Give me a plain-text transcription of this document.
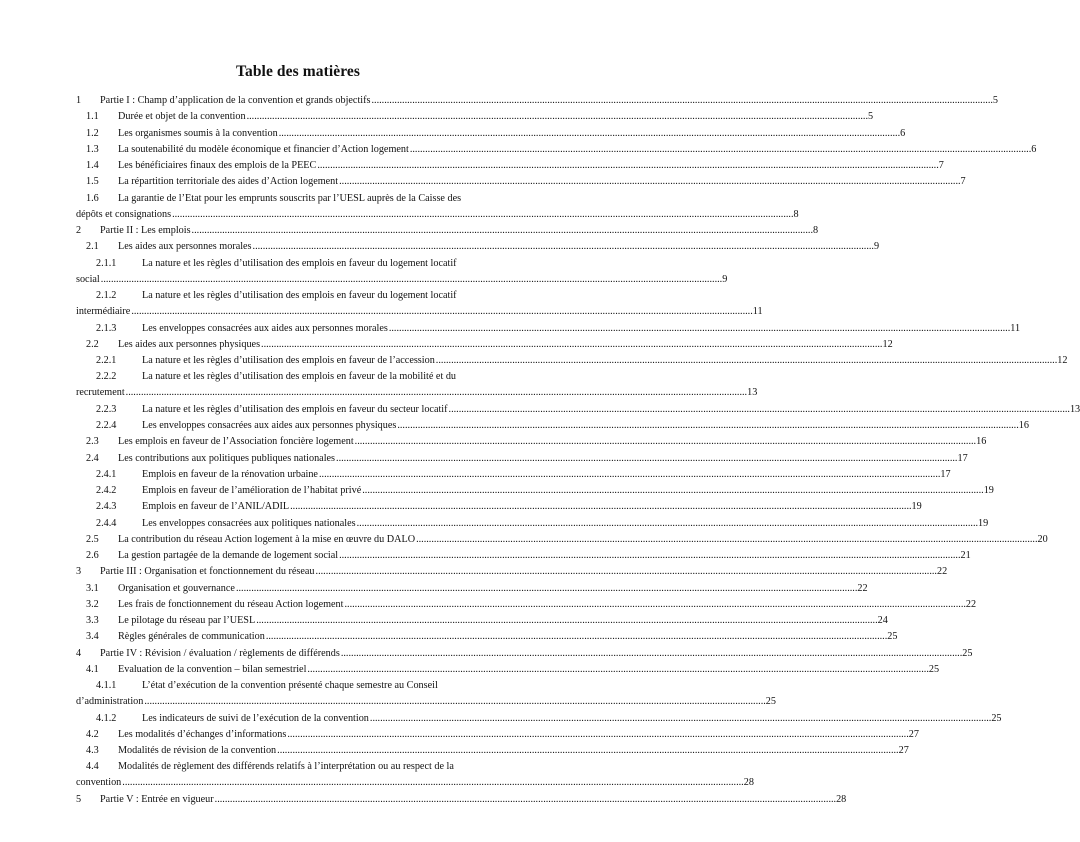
Table des matières
1	Partie I : Champ d’application de la convention et grands objectifs .....	5
1.1	Durée et objet de la convention .....	5
1.2	Les organismes soumis à la convention .....	6
1.3	La soutenabilité du modèle économique et financier d’Action logement .....	6
1.4	Les bénéficiaires finaux des emplois de la PEEC .....	7
1.5	La répartition territoriale des aides d’Action logement .....	7
1.6 La garantie de l’Etat pour les emprunts souscrits par l’UESL auprès de la Caisse des
dépôts et consignations .....	8
2	Partie II : Les emplois .....	8
2.1	Les aides aux personnes morales .....	9
2.1.1	La nature et les règles d’utilisation des emplois en faveur du logement locatif
social .....	9
2.1.2	La nature et les règles d’utilisation des emplois en faveur du logement locatif
intermédiaire .....	11
2.1.3	Les enveloppes consacrées aux aides aux personnes morales .....	11
2.2	Les aides aux personnes physiques .....	12
2.2.1	La nature et les règles d’utilisation des emplois en faveur de l’accession .....	12
2.2.2	La nature et les règles d’utilisation des emplois en faveur de la mobilité et du
recrutement .....	13
2.2.3	La nature et les règles d’utilisation des emplois en faveur du secteur locatif .....	13
2.2.4	Les enveloppes consacrées aux aides aux personnes physiques .....	16
2.3	Les emplois en faveur de l’Association foncière logement .....	16
2.4	Les contributions aux politiques publiques nationales .....	17
2.4.1	Emplois en faveur de la rénovation urbaine .....	17
2.4.2	Emplois en faveur de l’amélioration de l’habitat privé .....	19
2.4.3	Emplois en faveur de l’ANIL/ADIL .....	19
2.4.4	Les enveloppes consacrées aux politiques nationales .....	19
2.5	La contribution du réseau Action logement à la mise en œuvre du DALO .....	20
2.6	La gestion partagée de la demande de logement social .....	21
3	Partie III : Organisation et fonctionnement du réseau .....	22
3.1	Organisation et gouvernance .....	22
3.2	Les frais de fonctionnement du réseau Action logement .....	22
3.3	Le pilotage du réseau par l’UESL .....	24
3.4	Règles générales de communication .....	25
4	Partie IV : Révision / évaluation / règlements de différends .....	25
4.1	Evaluation de la convention – bilan semestriel .....	25
4.1.1	L’état d’exécution de la convention présenté chaque semestre au Conseil
d’administration .....	25
4.1.2	Les indicateurs de suivi de l’exécution de la convention .....	25
4.2	Les modalités d’échanges d’informations .....	27
4.3	Modalités de révision de la convention .....	27
4.4 Modalités de règlement des différends relatifs à l’interprétation ou au respect de la
convention .....	28
5	Partie V : Entrée en vigueur .....	28
